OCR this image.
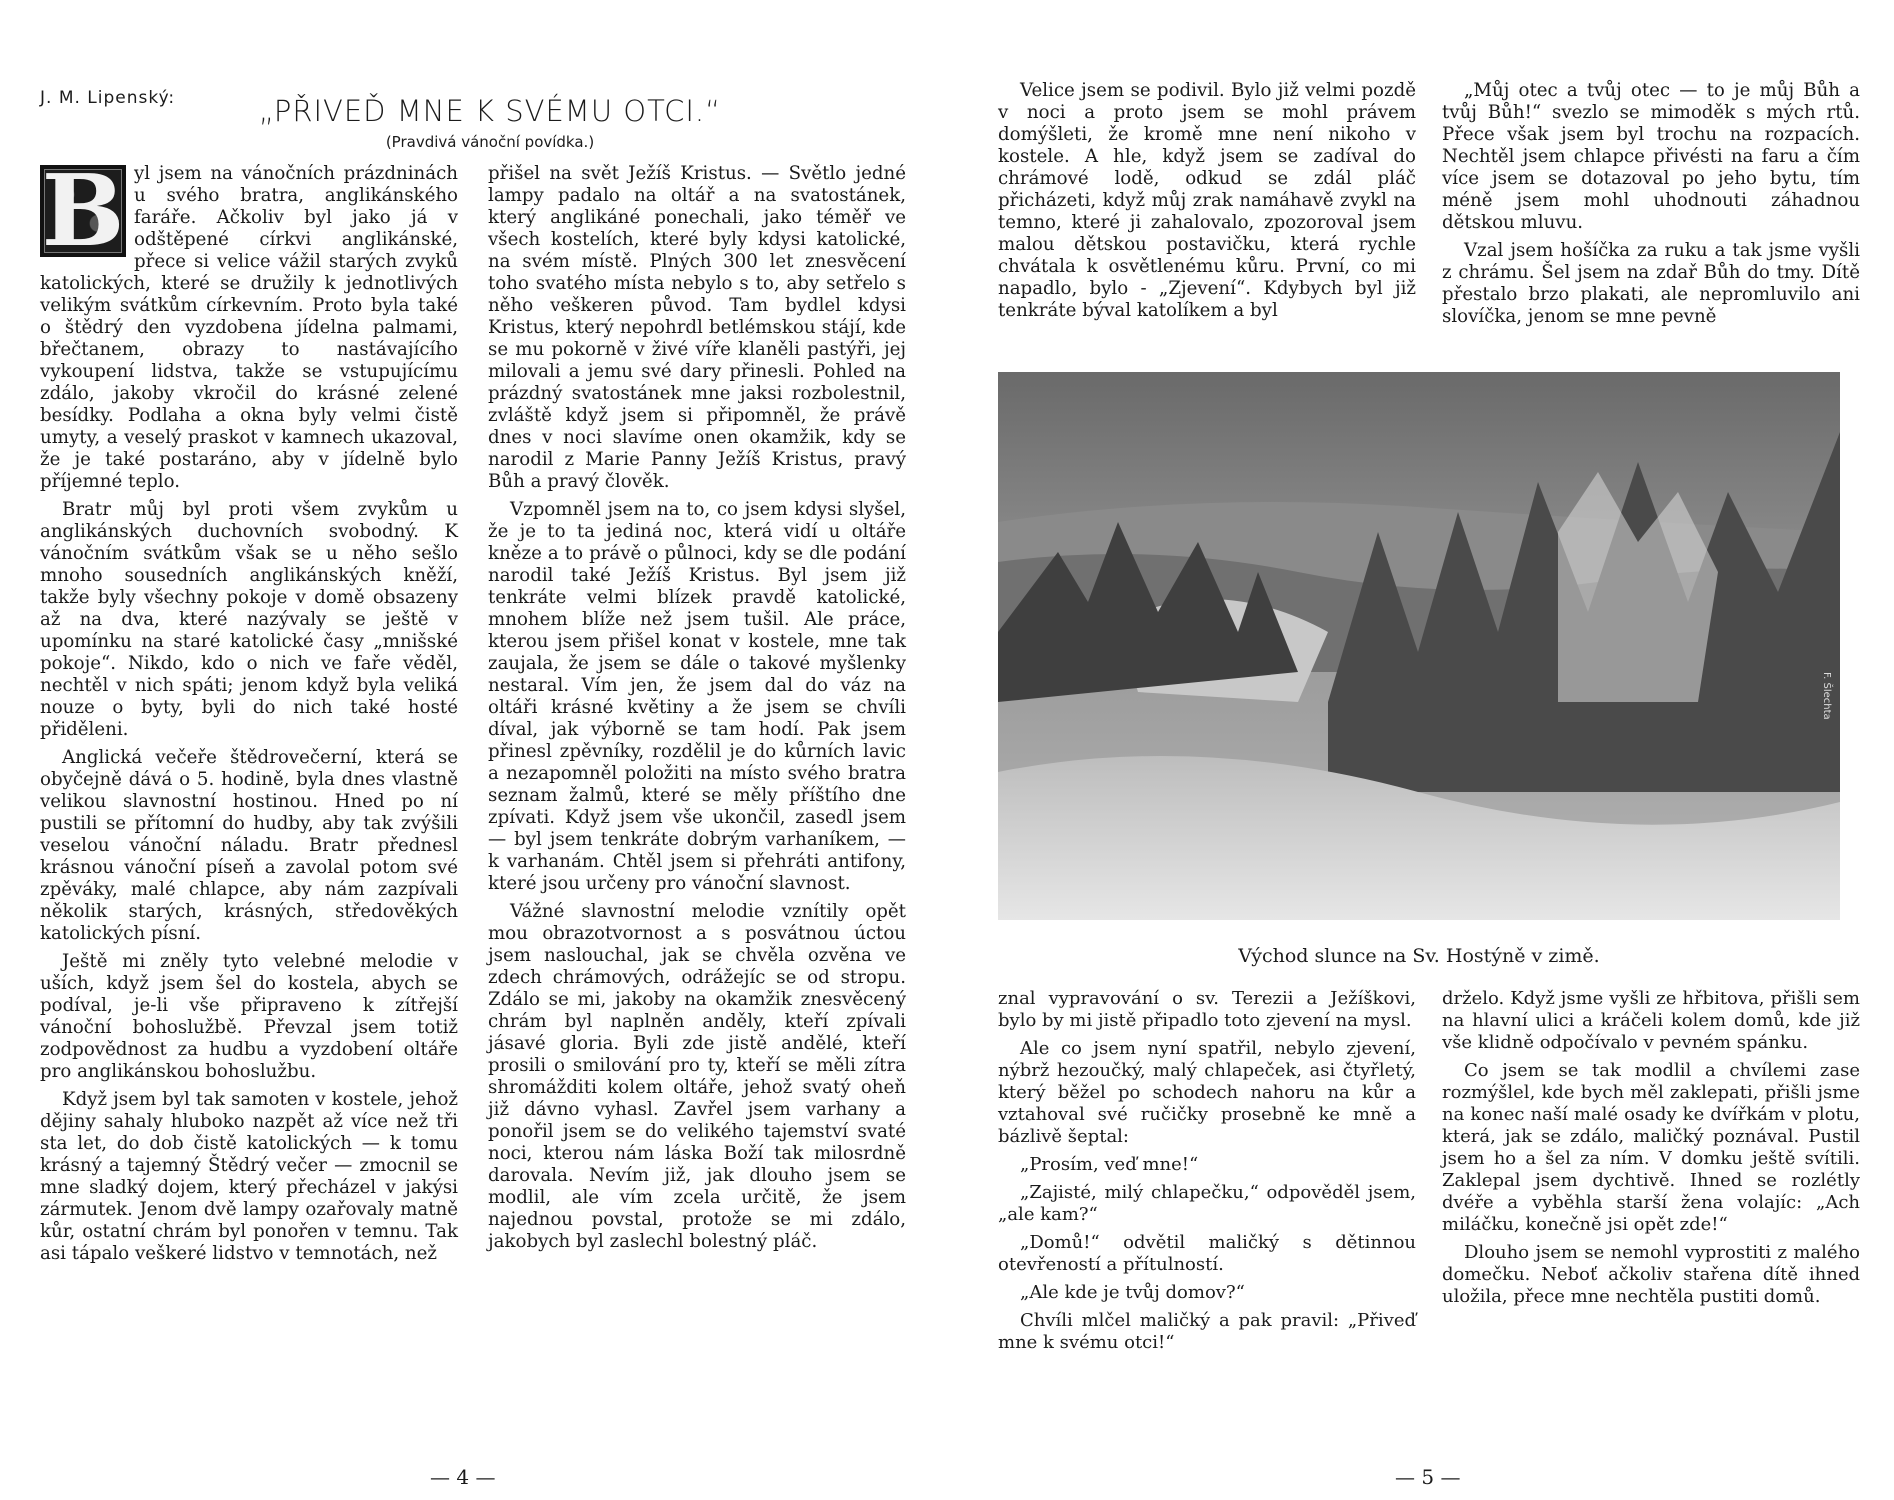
J. M. Lipenský:	„PŘIVEĎ MNE K SVÉMU OTCI.“
(Pravdivá vánoční povídka.)

B yl jsem na vánočních prázdninách u svého bratra, anglikánského faráře. Ačkoliv byl jako já v odštěpené církvi anglikánské, přece si velice vážil starých zvyků katolických, které se družily k jednotlivých velikým svátkům církevním. Proto byla také o štědrý den vyzdobena jídelna palmami, břečtanem, obrazy to nastávajícího vykoupení lidstva, takže se vstupujícímu zdálo, jakoby vkročil do krásné zelené besídky. Podlaha a okna byly velmi čistě umyty, a veselý praskot v kamnech ukazoval, že je také postaráno, aby v jídelně bylo příjemné teplo.

Bratr můj byl proti všem zvykům u anglikánských duchovních svobodný. K vánočním svátkům však se u něho sešlo mnoho sousedních anglikánských kněží, takže byly všechny pokoje v domě obsazeny až na dva, které nazývaly se ještě v upomínku na staré katolické časy „mnišské pokoje“. Nikdo, kdo o nich ve faře věděl, nechtěl v nich spáti; jenom když byla veliká nouze o byty, byli do nich také hosté přiděleni.

Anglická večeře štědrovečerní, která se obyčejně dává o 5. hodině, byla dnes vlastně velikou slavnostní hostinou. Hned po ní pustili se přítomní do hudby, aby tak zvýšili veselou vánoční náladu. Bratr přednesl krásnou vánoční píseň a zavolal potom své zpěváky, malé chlapce, aby nám zazpívali několik starých, krásných, středověkých katolických písní.

Ještě mi zněly tyto velebné melodie v uších, když jsem šel do kostela, abych se podíval, je-li vše připraveno k zítřejší vánoční bohoslužbě. Převzal jsem totiž zodpovědnost za hudbu a vyzdobení oltáře pro anglikánskou bohoslužbu.

Když jsem byl tak samoten v kostele, jehož dějiny sahaly hluboko nazpět až více než tři sta let, do dob čistě katolických — k tomu krásný a tajemný Štědrý večer — zmocnil se mne sladký dojem, který přecházel v jakýsi zármutek. Jenom dvě lampy ozařovaly matně kůr, ostatní chrám byl ponořen v temnu. Tak asi tápalo veškeré lidstvo v temnotách, než

přišel na svět Ježíš Kristus. — Světlo jedné lampy padalo na oltář a na svatostánek, který anglikáné ponechali, jako téměř ve všech kostelích, které byly kdysi katolické, na svém místě. Plných 300 let znesvěcení toho svatého místa nebylo s to, aby setřelo s něho veškeren původ. Tam bydlel kdysi Kristus, který nepohrdl betlémskou stájí, kde se mu pokorně v živé víře klaněli pastýři, jej milovali a jemu své dary přinesli. Pohled na prázdný svatostánek mne jaksi rozbolestnil, zvláště když jsem si připomněl, že právě dnes v noci slavíme onen okamžik, kdy se narodil z Marie Panny Ježíš Kristus, pravý Bůh a pravý člověk.

Vzpomněl jsem na to, co jsem kdysi slyšel, že je to ta jediná noc, která vidí u oltáře kněze a to právě o půlnoci, kdy se dle podání narodil také Ježíš Kristus. Byl jsem již tenkráte velmi blízek pravdě katolické, mnohem blíže než jsem tušil. Ale práce, kterou jsem přišel konat v kostele, mne tak zaujala, že jsem se dále o takové myšlenky nestaral. Vím jen, že jsem dal do váz na oltáři krásné květiny a že jsem se chvíli díval, jak výborně se tam hodí. Pak jsem přinesl zpěvníky, rozdělil je do kůrních lavic a nezapomněl položiti na místo svého bratra seznam žalmů, které se měly příštího dne zpívati. Když jsem vše ukončil, zasedl jsem — byl jsem tenkráte dobrým varhaníkem, — k varhanám. Chtěl jsem si přehráti antifony, které jsou určeny pro vánoční slavnost.

Vážné slavnostní melodie vznítily opět mou obrazotvornost a s posvátnou úctou jsem naslouchal, jak se chvěla ozvěna ve zdech chrámových, odrážejíc se od stropu. Zdálo se mi, jakoby na okamžik znesvěcený chrám byl naplněn anděly, kteří zpívali jásavé gloria. Byli zde jistě andělé, kteří prosili o smilování pro ty, kteří se měli zítra shromážditi kolem oltáře, jehož svatý oheň již dávno vyhasl. Zavřel jsem varhany a ponořil jsem se do velikého tajemství svaté noci, kterou nám láska Boží tak milosrdně darovala. Nevím již, jak dlouho jsem se modlil, ale vím zcela určitě, že jsem najednou povstal, protože se mi zdálo, jakobych byl zaslechl bolestný pláč.

— 4 —

Velice jsem se podivil. Bylo již velmi pozdě v noci a proto jsem se mohl právem domýšleti, že kromě mne není nikoho v kostele. A hle, když jsem se zadíval do chrámové lodě, odkud se zdál pláč přicházeti, když můj zrak namáhavě zvykl na temno, které ji zahalovalo, zpozoroval jsem malou dětskou postavičku, která rychle chvátala k osvětlenému kůru. První, co mi napadlo, bylo - „Zjevení“. Kdybych byl již tenkráte býval katolíkem a byl

„Můj otec a tvůj otec — to je můj Bůh a tvůj Bůh!“ svezlo se mimoděk s mých rtů. Přece však jsem byl trochu na rozpacích. Nechtěl jsem chlapce přivésti na faru a čím více jsem se dotazoval po jeho bytu, tím méně jsem mohl uhodnouti záhadnou dětskou mluvu.

Vzal jsem hošíčka za ruku a tak jsme vyšli z chrámu. Šel jsem na zdař Bůh do tmy. Dítě přestalo brzo plakati, ale nepromluvilo ani slovíčka, jenom se mne pevně

F. Šlechta
Východ slunce na Sv. Hostýně v zimě.

znal vypravování o sv. Terezii a Ježíškovi, bylo by mi jistě připadlo toto zjevení na mysl.

Ale co jsem nyní spatřil, nebylo zjevení, nýbrž hezoučký, malý chlapeček, asi čtyřletý, který běžel po schodech nahoru na kůr a vztahoval své ručičky prosebně ke mně a bázlivě šeptal:

„Prosím, veď mne!“

„Zajisté, milý chlapečku,“ odpověděl jsem, „ale kam?“

„Domů!“ odvětil maličký s dětinnou otevřeností a přítulností.

„Ale kde je tvůj domov?“

Chvíli mlčel maličký a pak pravil: „Přiveď mne k svému otci!“

drželo. Když jsme vyšli ze hřbitova, přišli sem na hlavní ulici a kráčeli kolem domů, kde již vše klidně odpočívalo v pevném spánku.

Co jsem se tak modlil a chvílemi zase rozmýšlel, kde bych měl zaklepati, přišli jsme na konec naší malé osady ke dvířkám v plotu, která, jak se zdálo, maličký poznával. Pustil jsem ho a šel za ním. V domku ještě svítili. Zaklepal jsem dychtivě. Ihned se rozlétly dvéře a vyběhla starší žena volajíc: „Ach miláčku, konečně jsi opět zde!“

Dlouho jsem se nemohl vyprostiti z malého domečku. Neboť ačkoliv stařena dítě ihned uložila, přece mne nechtěla pustiti domů.

— 5 —
